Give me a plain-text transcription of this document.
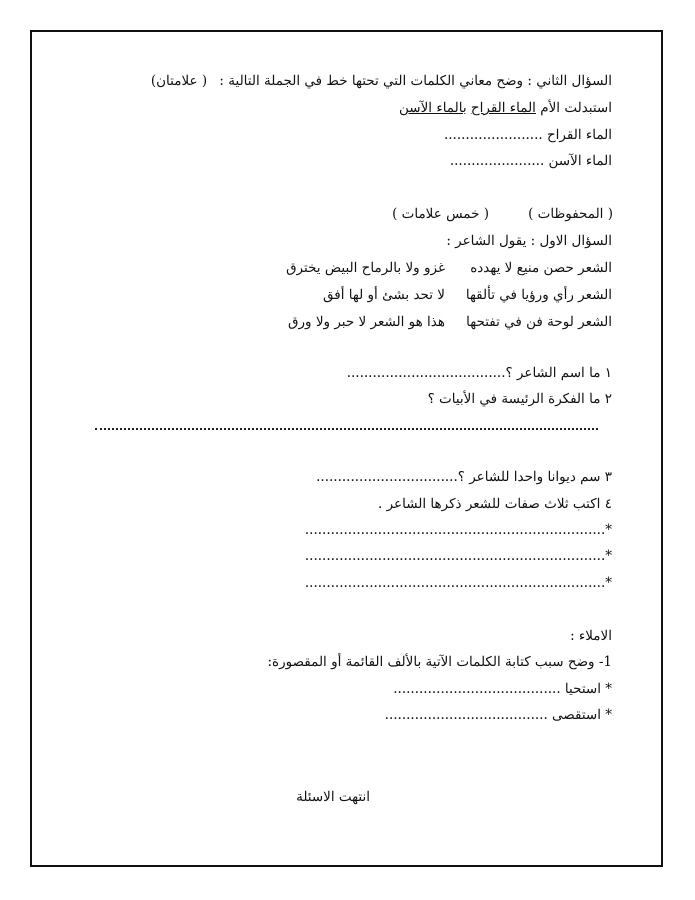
السؤال الثاني : وضح معاني الكلمات التي تحتها خط في الجملة التالية : ( علامتان)
استبدلت الأم الماء القراح بالماء الآسن
الماء القراح .......................
الماء الآسن ......................
( المحفوظات )
( خمس علامات )
السؤال الاول : يقول الشاعر :
الشعر حصن منيع لا يهدده
غزو ولا بالرماح البيض يخترق
الشعر رأي ورؤيا في تألقها
لا تحد بشئ أو لها أفق
الشعر لوحة فن في تفتحها
هذا هو الشعر لا حبر ولا ورق
١ ما اسم الشاعر ؟.....................................
٢ ما الفكرة الرئيسة في الأبيات ؟
٣ سم ديوانا واحدا للشاعر ؟.................................
٤ اكتب ثلاث صفات للشعر ذكرها الشاعر .
*......................................................................
*......................................................................
*......................................................................
الاملاء :
1- وضح سبب كتابة الكلمات الآتية بالألف القائمة أو المقصورة:
* استحيا .......................................
* استقصى ......................................
انتهت الاسئلة
